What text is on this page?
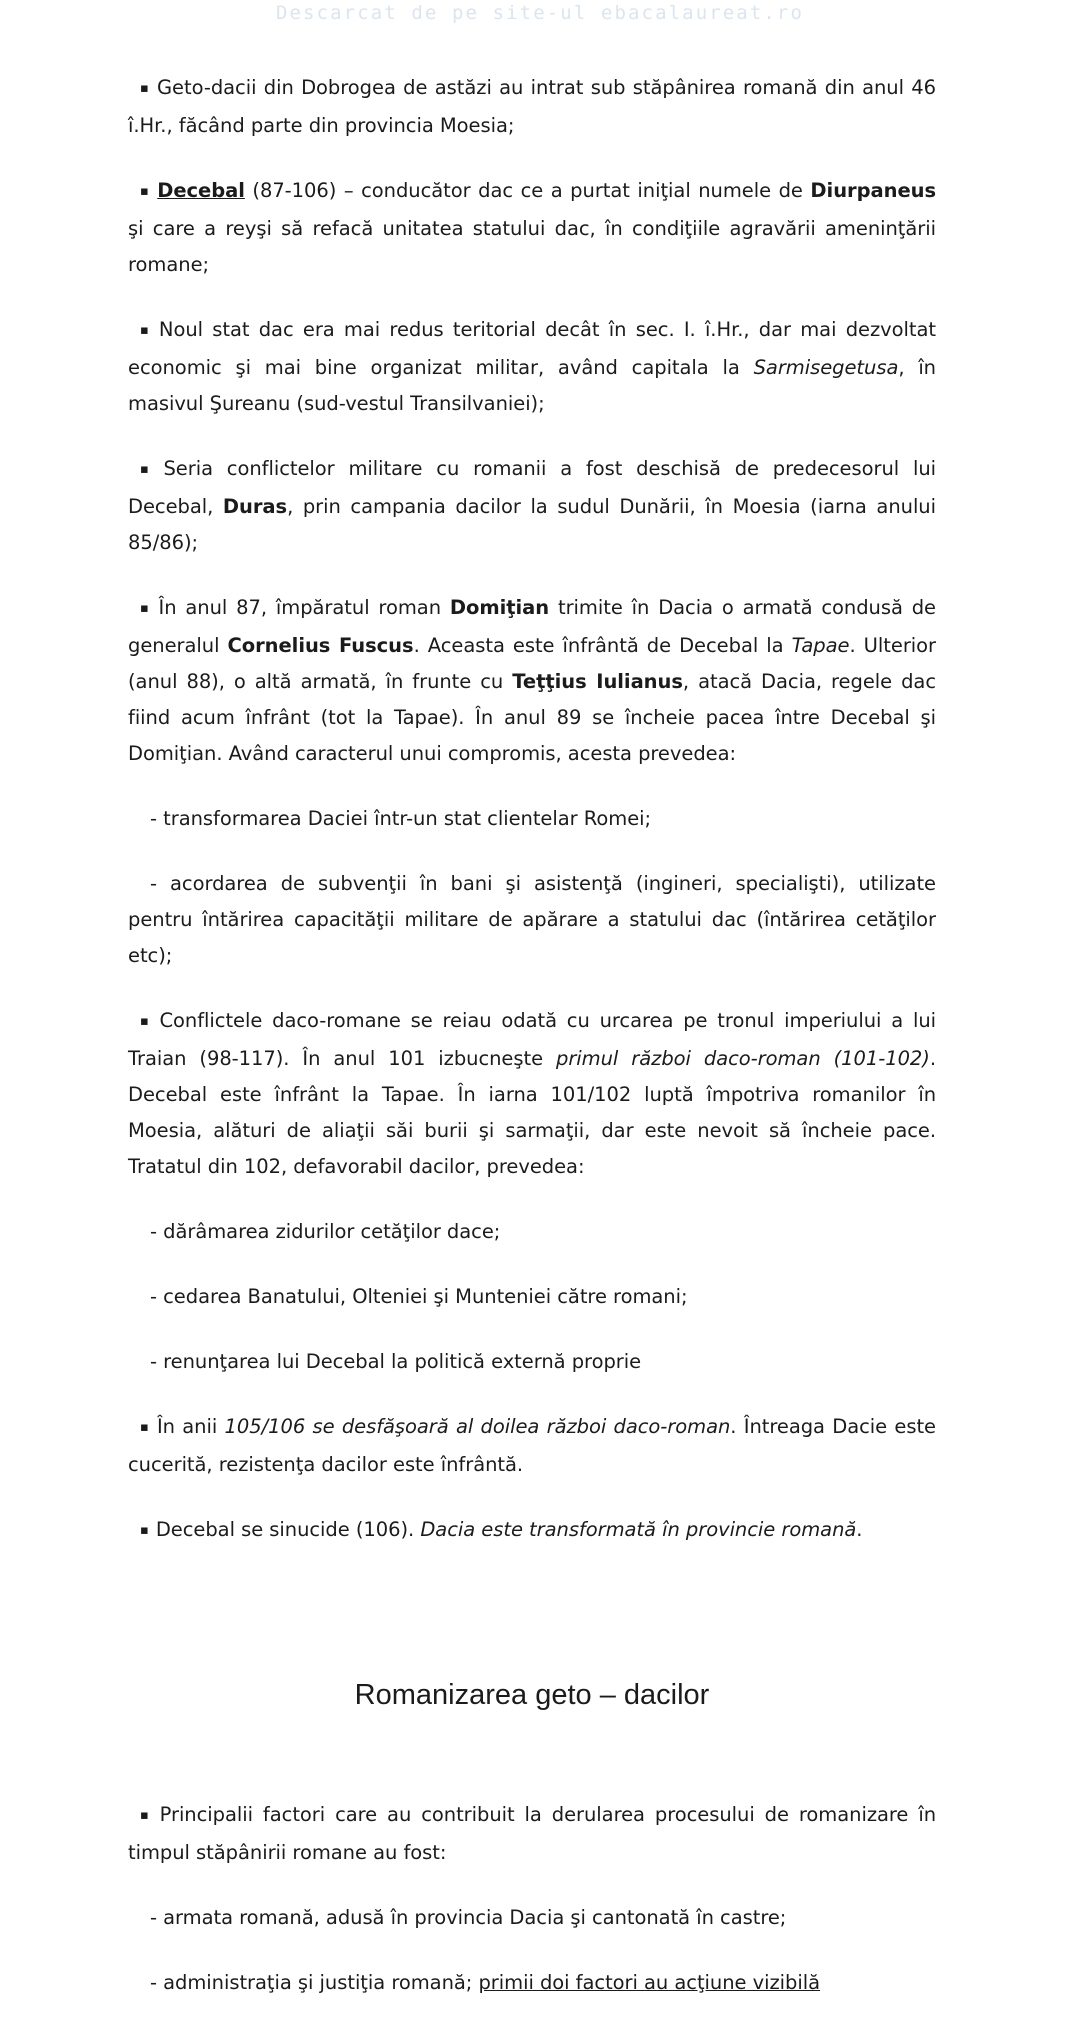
Descarcat de pe site-ul ebacalaureat.ro

▪ Geto-dacii din Dobrogea de astăzi au intrat sub stăpânirea romană din anul 46 î.Hr., făcând parte din provincia Moesia;

▪ Decebal (87-106) – conducător dac ce a purtat iniţial numele de Diurpaneus şi care a reуşi să refacă unitatea statului dac, în condiţiile agravării ameninţării romane;

▪ Noul stat dac era mai redus teritorial decât în sec. I. î.Hr., dar mai dezvoltat economic şi mai bine organizat militar, având capitala la Sarmisegetusa, în masivul Şureanu (sud-vestul Transilvaniei);

▪ Seria conflictelor militare cu romanii a fost deschisă de predecesorul lui Decebal, Duras, prin campania dacilor la sudul Dunării, în Moesia (iarna anului 85/86);

▪ În anul 87, împăratul roman Domiţian trimite în Dacia o armată condusă de generalul Cornelius Fuscus. Aceasta este înfrântă de Decebal la Tapae. Ulterior (anul 88), o altă armată, în frunte cu Teţţius Iulianus, atacă Dacia, regele dac fiind acum înfrânt (tot la Tapae). În anul 89 se încheie pacea între Decebal şi Domiţian. Având caracterul unui compromis, acesta prevedea:

- transformarea Daciei într-un stat clientelar Romei;

- acordarea de subvenţii în bani şi asistenţă (ingineri, specialişti), utilizate pentru întărirea capacităţii militare de apărare a statului dac (întărirea cetăţilor etc);

▪ Conflictele daco-romane se reiau odată cu urcarea pe tronul imperiului a lui Traian (98-117). În anul 101 izbucneşte primul război daco-roman (101-102). Decebal este înfrânt la Tapae. În iarna 101/102 luptă împotriva romanilor în Moesia, alături de aliaţii săi burii şi sarmaţii, dar este nevoit să încheie pace. Tratatul din 102, defavorabil dacilor, prevedea:

- dărâmarea zidurilor cetăţilor dace;

- cedarea Banatului, Olteniei şi Munteniei către romani;

- renunţarea lui Decebal la politică externă proprie

▪ În anii 105/106 se desfăşoară al doilea război daco-roman. Întreaga Dacie este cucerită, rezistenţa dacilor este înfrântă.

▪ Decebal se sinucide (106). Dacia este transformată în provincie romană.

Romanizarea geto – dacilor

▪ Principalii factori care au contribuit la derularea procesului de romanizare în timpul stăpânirii romane au fost:

- armata romană, adusă în provincia Dacia şi cantonată în castre;

- administraţia şi justiţia romană; primii doi factori au acţiune vizibilă
